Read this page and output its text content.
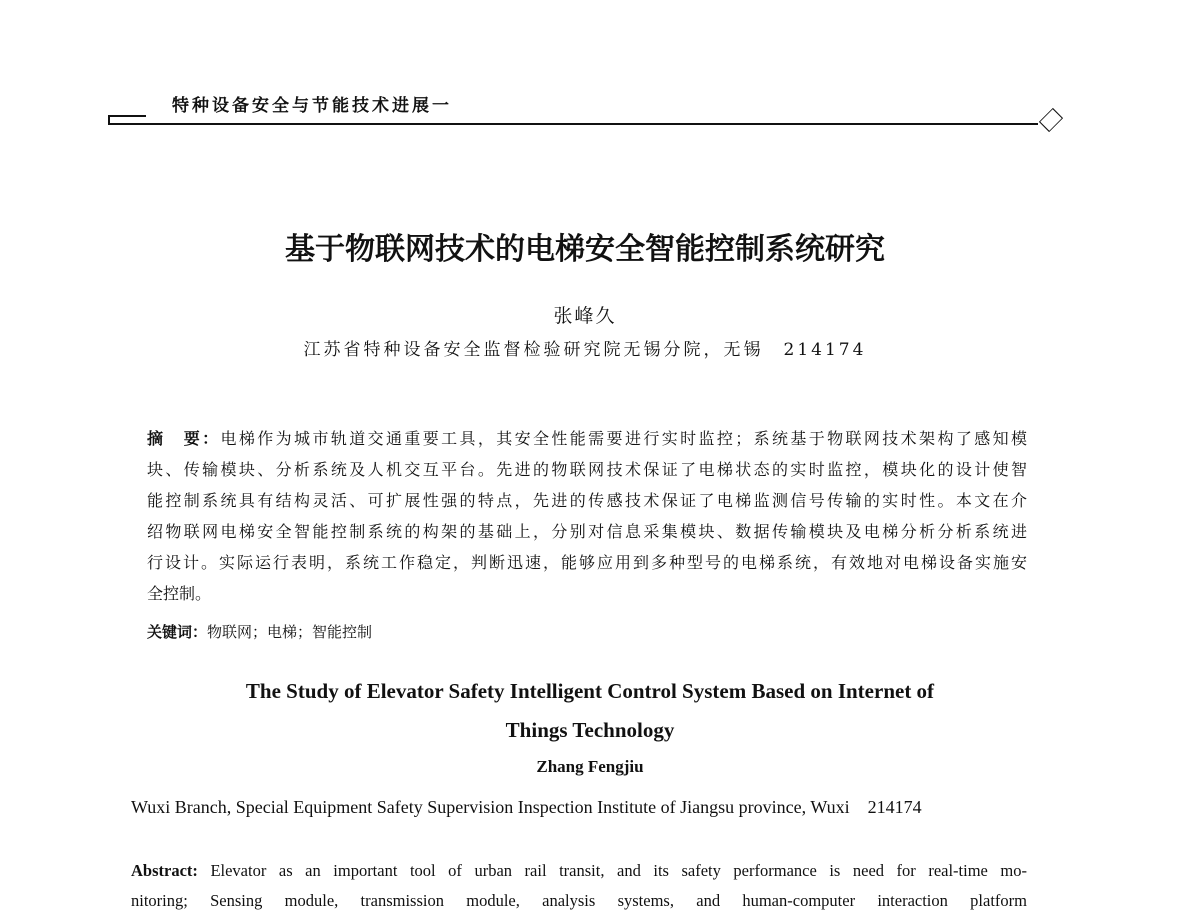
特种设备安全与节能技术进展一
基于物联网技术的电梯安全智能控制系统研究
张峰久
江苏省特种设备安全监督检验研究院无锡分院，无锡　214174
摘　要：电梯作为城市轨道交通重要工具，其安全性能需要进行实时监控；系统基于物联网技术架构了感知模
块、传输模块、分析系统及人机交互平台。先进的物联网技术保证了电梯状态的实时监控，模块化的设计使智
能控制系统具有结构灵活、可扩展性强的特点，先进的传感技术保证了电梯监测信号传输的实时性。本文在介
绍物联网电梯安全智能控制系统的构架的基础上，分别对信息采集模块、数据传输模块及电梯分析分析系统进
行设计。实际运行表明，系统工作稳定，判断迅速，能够应用到多种型号的电梯系统，有效地对电梯设备实施安
全控制。
关键词：物联网；电梯；智能控制
The Study of Elevator Safety Intelligent Control System Based on Internet of
Things Technology
Zhang Fengjiu
Wuxi Branch, Special Equipment Safety Supervision Inspection Institute of Jiangsu province, Wuxi　214174
Abstract: Elevator as an important tool of urban rail transit, and its safety performance is need for real-time mo-
nitoring; Sensing module, transmission module, analysis systems, and human-computer interaction platform
